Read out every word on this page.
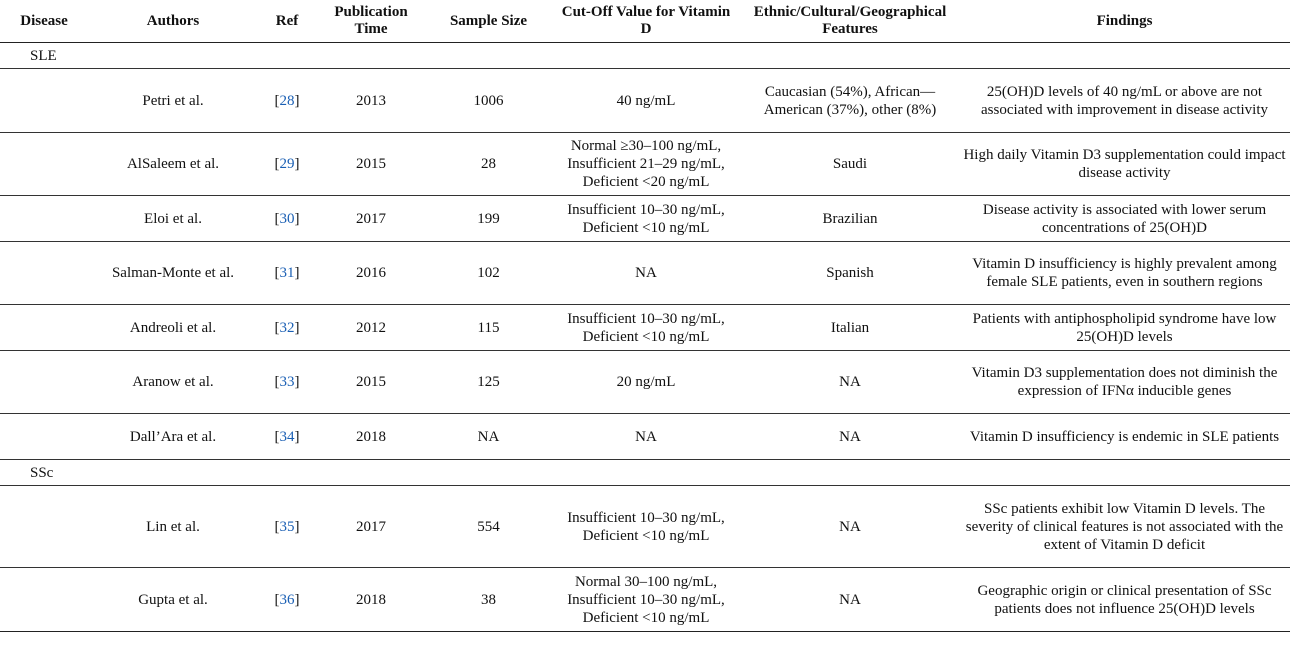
Disease	Authors	Ref	Publication Time	Sample Size	Cut-Off Value for Vitamin D	Ethnic/Cultural/Geographical Features	Findings
SLE							
	Petri et al.	[28]	2013	1006	40 ng/mL	Caucasian (54%), African—American (37%), other (8%)	25(OH)D levels of 40 ng/mL or above are not associated with improvement in disease activity
	AlSaleem et al.	[29]	2015	28	Normal ≥30–100 ng/mL, Insufficient 21–29 ng/mL, Deficient <20 ng/mL	Saudi	High daily Vitamin D3 supplementation could impact disease activity
	Eloi et al.	[30]	2017	199	Insufficient 10–30 ng/mL, Deficient <10 ng/mL	Brazilian	Disease activity is associated with lower serum concentrations of 25(OH)D
	Salman-Monte et al.	[31]	2016	102	NA	Spanish	Vitamin D insufficiency is highly prevalent among female SLE patients, even in southern regions
	Andreoli et al.	[32]	2012	115	Insufficient 10–30 ng/mL, Deficient <10 ng/mL	Italian	Patients with antiphospholipid syndrome have low 25(OH)D levels
	Aranow et al.	[33]	2015	125	20 ng/mL	NA	Vitamin D3 supplementation does not diminish the expression of IFNα inducible genes
	Dall’Ara et al.	[34]	2018	NA	NA	NA	Vitamin D insufficiency is endemic in SLE patients
SSc							
	Lin et al.	[35]	2017	554	Insufficient 10–30 ng/mL, Deficient <10 ng/mL	NA	SSc patients exhibit low Vitamin D levels. The severity of clinical features is not associated with the extent of Vitamin D deficit
	Gupta et al.	[36]	2018	38	Normal 30–100 ng/mL, Insufficient 10–30 ng/mL, Deficient <10 ng/mL	NA	Geographic origin or clinical presentation of SSc patients does not influence 25(OH)D levels
